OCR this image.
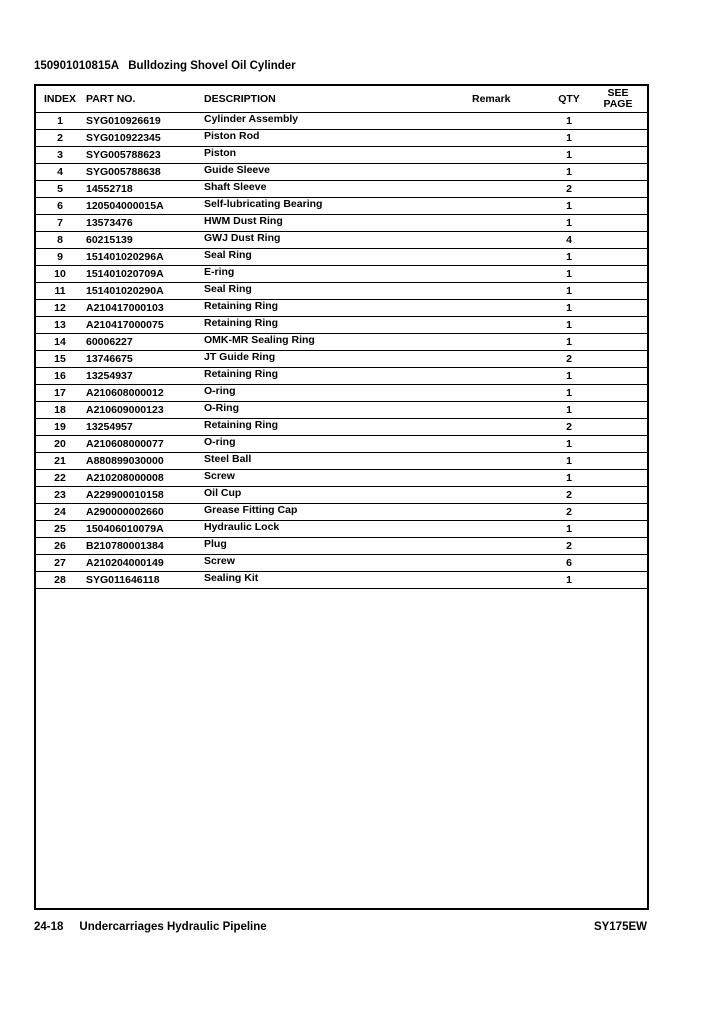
150901010815A Bulldozing Shovel Oil Cylinder
INDEX	PART NO.	DESCRIPTION	Remark	QTY	SEE
PAGE
1	SYG010926619	Cylinder Assembly		1	
2	SYG010922345	Piston Rod		1	
3	SYG005788623	Piston		1	
4	SYG005788638	Guide Sleeve		1	
5	14552718	Shaft Sleeve		2	
6	120504000015A	Self-lubricating Bearing		1	
7	13573476	HWM Dust Ring		1	
8	60215139	GWJ Dust Ring		4	
9	151401020296A	Seal Ring		1	
10	151401020709A	E-ring		1	
11	151401020290A	Seal Ring		1	
12	A210417000103	Retaining Ring		1	
13	A210417000075	Retaining Ring		1	
14	60006227	OMK-MR Sealing Ring		1	
15	13746675	JT Guide Ring		2	
16	13254937	Retaining Ring		1	
17	A210608000012	O-ring		1	
18	A210609000123	O-Ring		1	
19	13254957	Retaining Ring		2	
20	A210608000077	O-ring		1	
21	A880899030000	Steel Ball		1	
22	A210208000008	Screw		1	
23	A229900010158	Oil Cup		2	
24	A290000002660	Grease Fitting Cap		2	
25	150406010079A	Hydraulic Lock		1	
26	B210780001384	Plug		2	
27	A210204000149	Screw		6	
28	SYG011646118	Sealing Kit		1	
24-18 Undercarriages Hydraulic Pipeline	SY175EW
